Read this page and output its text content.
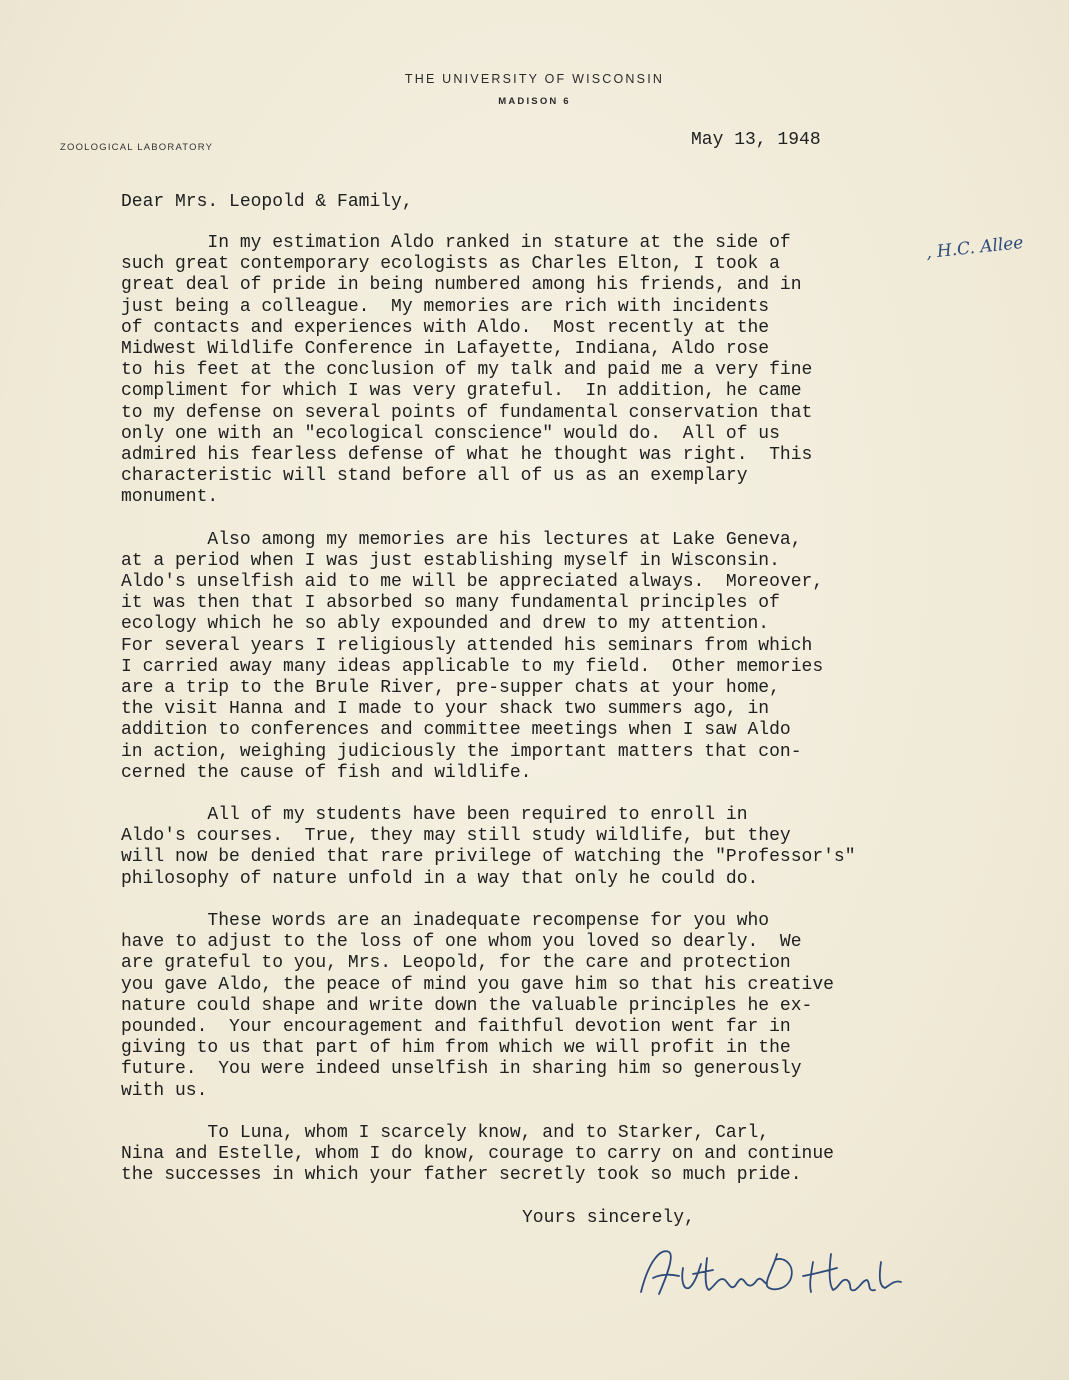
THE UNIVERSITY OF WISCONSIN
MADISON 6
ZOOLOGICAL LABORATORY	May 13, 1948
Dear Mrs. Leopold & Family,
, H.C. Allee
In my estimation Aldo ranked in stature at the side of
such great contemporary ecologists as Charles Elton, I took a
great deal of pride in being numbered among his friends, and in
just being a colleague.  My memories are rich with incidents
of contacts and experiences with Aldo.  Most recently at the
Midwest Wildlife Conference in Lafayette, Indiana, Aldo rose
to his feet at the conclusion of my talk and paid me a very fine
compliment for which I was very grateful.  In addition, he came
to my defense on several points of fundamental conservation that
only one with an "ecological conscience" would do.  All of us
admired his fearless defense of what he thought was right.  This
characteristic will stand before all of us as an exemplary
monument.
Also among my memories are his lectures at Lake Geneva,
at a period when I was just establishing myself in Wisconsin.
Aldo's unselfish aid to me will be appreciated always.  Moreover,
it was then that I absorbed so many fundamental principles of
ecology which he so ably expounded and drew to my attention.
For several years I religiously attended his seminars from which
I carried away many ideas applicable to my field.  Other memories
are a trip to the Brule River, pre-supper chats at your home,
the visit Hanna and I made to your shack two summers ago, in
addition to conferences and committee meetings when I saw Aldo
in action, weighing judiciously the important matters that con-
cerned the cause of fish and wildlife.
All of my students have been required to enroll in
Aldo's courses.  True, they may still study wildlife, but they
will now be denied that rare privilege of watching the "Professor's"
philosophy of nature unfold in a way that only he could do.
These words are an inadequate recompense for you who
have to adjust to the loss of one whom you loved so dearly.  We
are grateful to you, Mrs. Leopold, for the care and protection
you gave Aldo, the peace of mind you gave him so that his creative
nature could shape and write down the valuable principles he ex-
pounded.  Your encouragement and faithful devotion went far in
giving to us that part of him from which we will profit in the
future.  You were indeed unselfish in sharing him so generously
with us.
To Luna, whom I scarcely know, and to Starker, Carl,
Nina and Estelle, whom I do know, courage to carry on and continue
the successes in which your father secretly took so much pride.
Yours sincerely,
